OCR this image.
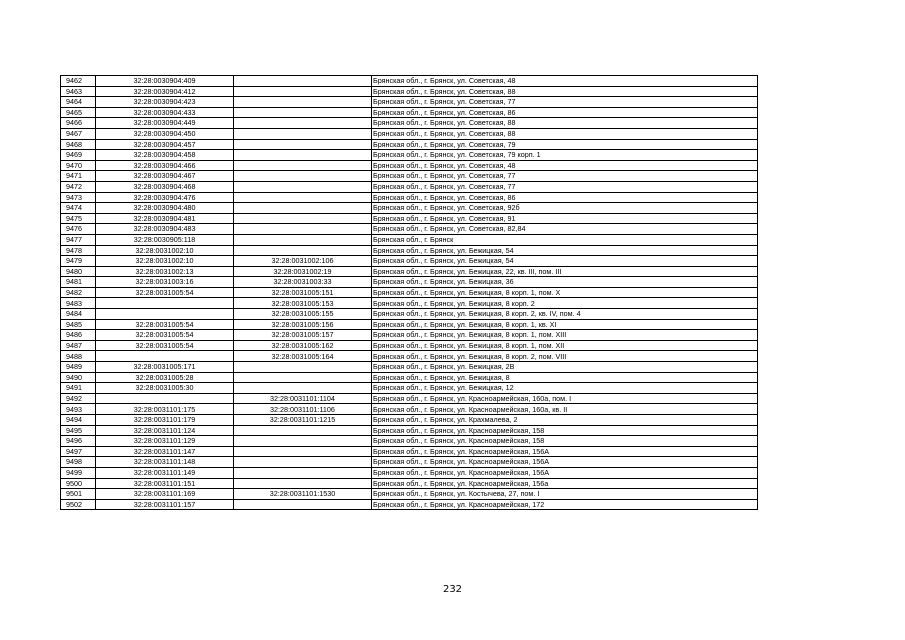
9462	32:28:0030904:409		Брянская обл., г. Брянск, ул. Советская, 48
9463	32:28:0030904:412		Брянская обл., г. Брянск, ул. Советская, 88
9464	32:28:0030904:423		Брянская обл., г. Брянск, ул. Советская, 77
9465	32:28:0030904:433		Брянская обл., г. Брянск, ул. Советская, 86
9466	32:28:0030904:449		Брянская обл., г. Брянск, ул. Советская, 88
9467	32:28:0030904:450		Брянская обл., г. Брянск, ул. Советская, 88
9468	32:28:0030904:457		Брянская обл., г. Брянск, ул. Советская, 79
9469	32:28:0030904:458		Брянская обл., г. Брянск, ул. Советская, 79 корп. 1
9470	32:28:0030904:466		Брянская обл., г. Брянск, ул. Советская, 48
9471	32:28:0030904:467		Брянская обл., г. Брянск, ул. Советская, 77
9472	32:28:0030904:468		Брянская обл., г. Брянск, ул. Советская, 77
9473	32:28:0030904:476		Брянская обл., г. Брянск, ул. Советская, 86
9474	32:28:0030904:480		Брянская обл., г. Брянск, ул. Советская, 92б
9475	32:28:0030904:481		Брянская обл., г. Брянск, ул. Советская, 91
9476	32:28:0030904:483		Брянская обл., г. Брянск, ул. Советская, 82,84
9477	32:28:0030905:118		Брянская обл., г. Брянск
9478	32:28:0031002:10		Брянская обл., г. Брянск, ул. Бежицкая, 54
9479	32:28:0031002:10	32:28:0031002:106	Брянская обл., г. Брянск, ул. Бежицкая, 54
9480	32:28:0031002:13	32:28:0031002:19	Брянская обл., г. Брянск, ул. Бежицкая, 22, кв. III, пом. III
9481	32:28:0031003:16	32:28:0031003:33	Брянская обл., г. Брянск, ул. Бежицкая, 36
9482	32:28:0031005:54	32:28:0031005:151	Брянская обл., г. Брянск, ул. Бежицкая, 8 корп. 1, пом. X
9483		32:28:0031005:153	Брянская обл., г. Брянск, ул. Бежицкая, 8 корп. 2
9484		32:28:0031005:155	Брянская обл., г. Брянск, ул. Бежицкая, 8 корп. 2, кв. IV, пом. 4
9485	32:28:0031005:54	32:28:0031005:156	Брянская обл., г. Брянск, ул. Бежицкая, 8 корп. 1, кв. XI
9486	32:28:0031005:54	32:28:0031005:157	Брянская обл., г. Брянск, ул. Бежицкая, 8 корп. 1, пом. XIII
9487	32:28:0031005:54	32:28:0031005:162	Брянская обл., г. Брянск, ул. Бежицкая, 8 корп. 1, пом. XII
9488		32:28:0031005:164	Брянская обл., г. Брянск, ул. Бежицкая, 8 корп. 2, пом. VIII
9489	32:28:0031005:171		Брянская обл., г. Брянск, ул. Бежицкая, 2В
9490	32:28:0031005:28		Брянская обл., г. Брянск, ул. Бежицкая, 8
9491	32:28:0031005:30		Брянская обл., г. Брянск, ул. Бежицкая, 12
9492		32:28:0031101:1104	Брянская обл., г. Брянск, ул. Красноармейская, 160а, пом. I
9493	32:28:0031101:175	32:28:0031101:1106	Брянская обл., г. Брянск, ул. Красноармейская, 160а, кв. II
9494	32:28:0031101:179	32:28:0031101:1215	Брянская обл., г. Брянск, ул. Крахмалева, 2
9495	32:28:0031101:124		Брянская обл., г. Брянск, ул. Красноармейская, 158
9496	32:28:0031101:129		Брянская обл., г. Брянск, ул. Красноармейская, 158
9497	32:28:0031101:147		Брянская обл., г. Брянск, ул. Красноармейская, 156А
9498	32:28:0031101:148		Брянская обл., г. Брянск, ул. Красноармейская, 156А
9499	32:28:0031101:149		Брянская обл., г. Брянск, ул. Красноармейская, 156А
9500	32:28:0031101:151		Брянская обл., г. Брянск, ул. Красноармейская, 156а
9501	32:28:0031101:169	32:28:0031101:1530	Брянская обл., г. Брянск, ул. Костычева, 27, пом. I
9502	32:28:0031101:157		Брянская обл., г. Брянск, ул. Красноармейская, 172
232
